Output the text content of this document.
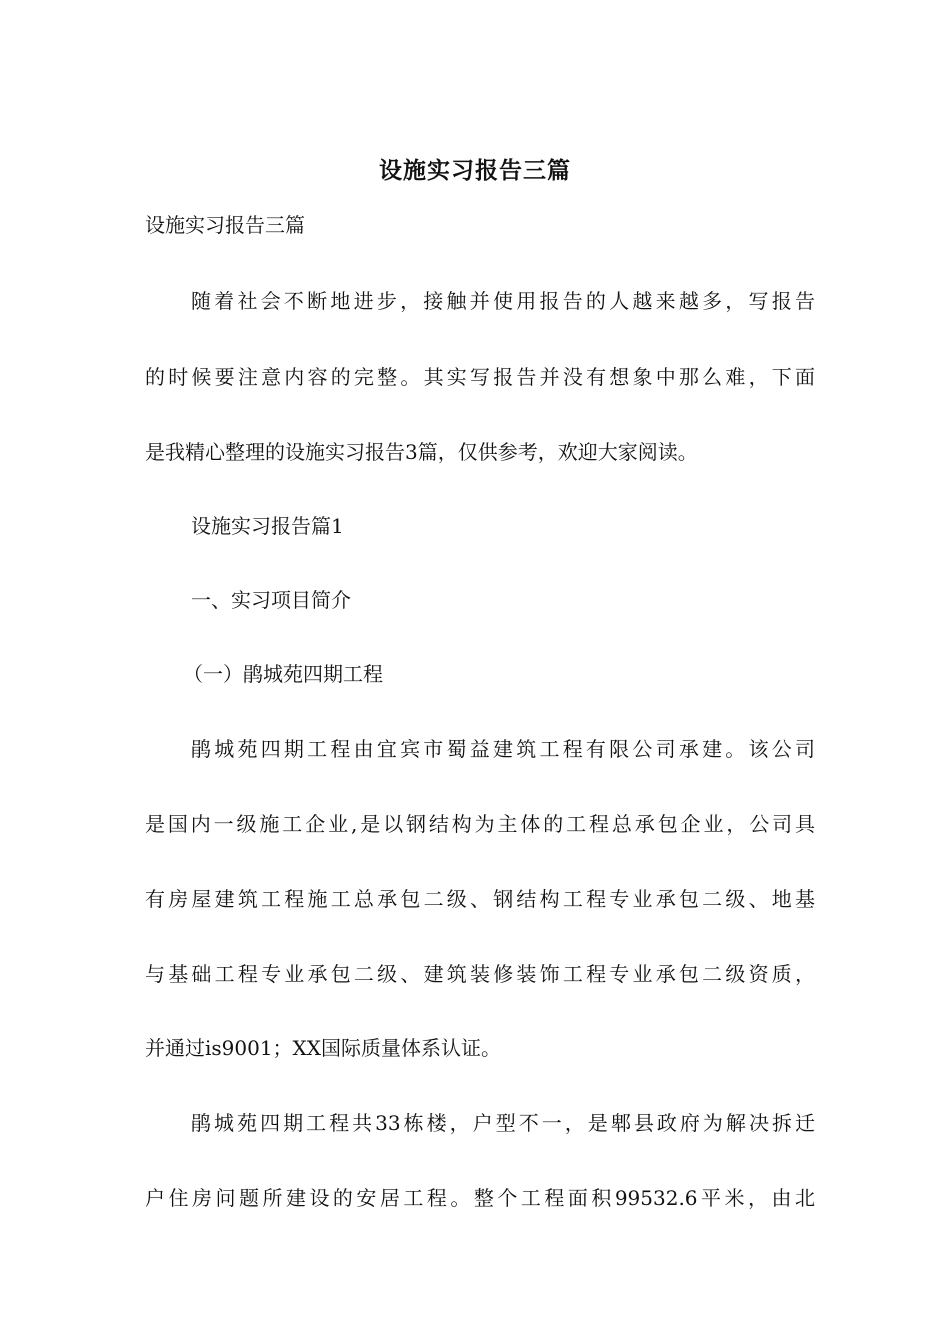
设施实习报告三篇
设施实习报告三篇
随着社会不断地进步，接触并使用报告的人越来越多，写报告
的时候要注意内容的完整。其实写报告并没有想象中那么难，下面
是我精心整理的设施实习报告3篇，仅供参考，欢迎大家阅读。
设施实习报告篇1
一、实习项目简介
（一）鹃城苑四期工程
鹃城苑四期工程由宜宾市蜀益建筑工程有限公司承建。该公司
是国内一级施工企业,是以钢结构为主体的工程总承包企业，公司具
有房屋建筑工程施工总承包二级、钢结构工程专业承包二级、地基
与基础工程专业承包二级、建筑装修装饰工程专业承包二级资质，
并通过is9001；XX国际质量体系认证。
鹃城苑四期工程共33栋楼，户型不一，是郫县政府为解决拆迁
户住房问题所建设的安居工程。整个工程面积99532.6平米，由北
